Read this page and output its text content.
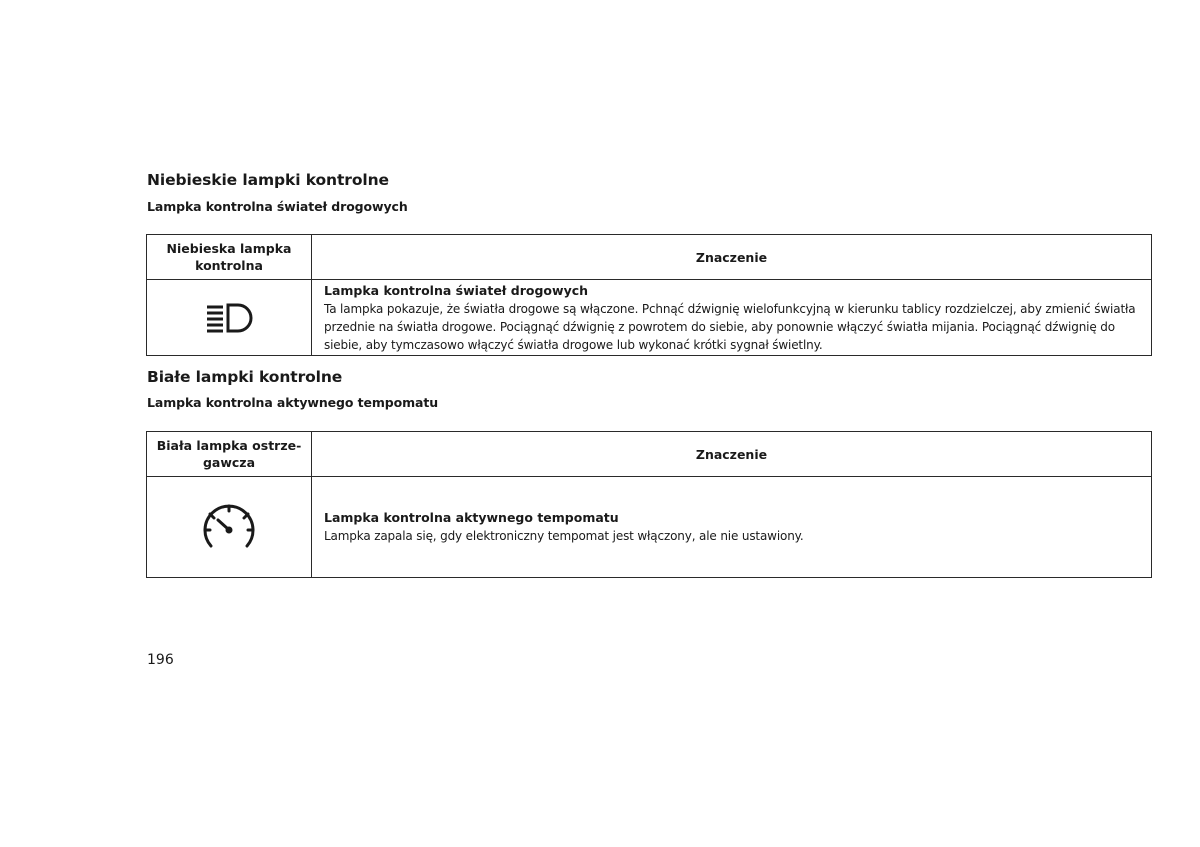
Niebieskie lampki kontrolne
Lampka kontrolna świateł drogowych
Niebieska lampka kontrolna	Znaczenie

Lampka kontrolna świateł drogowych
Ta lampka pokazuje, że światła drogowe są włączone. Pchnąć dźwignię wielofunkcyjną w kierunku tablicy rozdzielczej, aby zmienić światła przednie na światła drogowe. Pociągnąć dźwignię z powrotem do siebie, aby ponownie włączyć światła mijania. Pociągnąć dźwignię do siebie, aby tymczasowo włączyć światła drogowe lub wykonać krótki sygnał świetlny.
Białe lampki kontrolne
Lampka kontrolna aktywnego tempomatu
Biała lampka ostrzegawcza	Znaczenie

Lampka kontrolna aktywnego tempomatu
Lampka zapala się, gdy elektroniczny tempomat jest włączony, ale nie ustawiony.
196
